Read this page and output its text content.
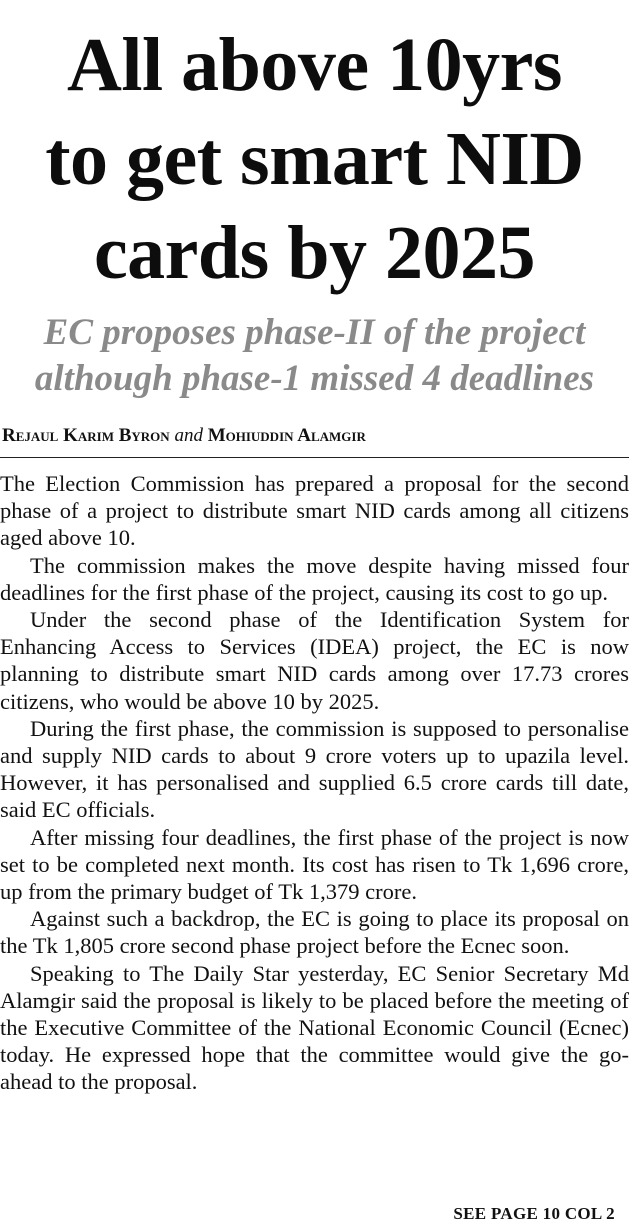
All above 10yrs
to get smart NID
cards by 2025
EC proposes phase-II of the project
although phase-1 missed 4 deadlines
Rejaul Karim Byron and Mohiuddin Alamgir

The Election Commission has prepared a proposal for the second phase of a project to distribute smart NID cards among all citizens aged above 10.

The commission makes the move despite having missed four deadlines for the first phase of the project, causing its cost to go up.

Under the second phase of the Identification System for Enhancing Access to Services (IDEA) project, the EC is now planning to distribute smart NID cards among over 17.73 crores citizens, who would be above 10 by 2025.

During the first phase, the commission is supposed to personalise and supply NID cards to about 9 crore voters up to upazila level. However, it has personalised and supplied 6.5 crore cards till date, said EC officials.

After missing four deadlines, the first phase of the project is now set to be completed next month. Its cost has risen to Tk 1,696 crore, up from the primary budget of Tk 1,379 crore.

Against such a backdrop, the EC is going to place its proposal on the Tk 1,805 crore second phase project before the Ecnec soon.

Speaking to The Daily Star yesterday, EC Senior Secretary Md Alamgir said the proposal is likely to be placed before the meeting of the Executive Committee of the National Economic Council (Ecnec) today. He expressed hope that the committee would give the go-ahead to the proposal.

SEE PAGE 10 COL 2
